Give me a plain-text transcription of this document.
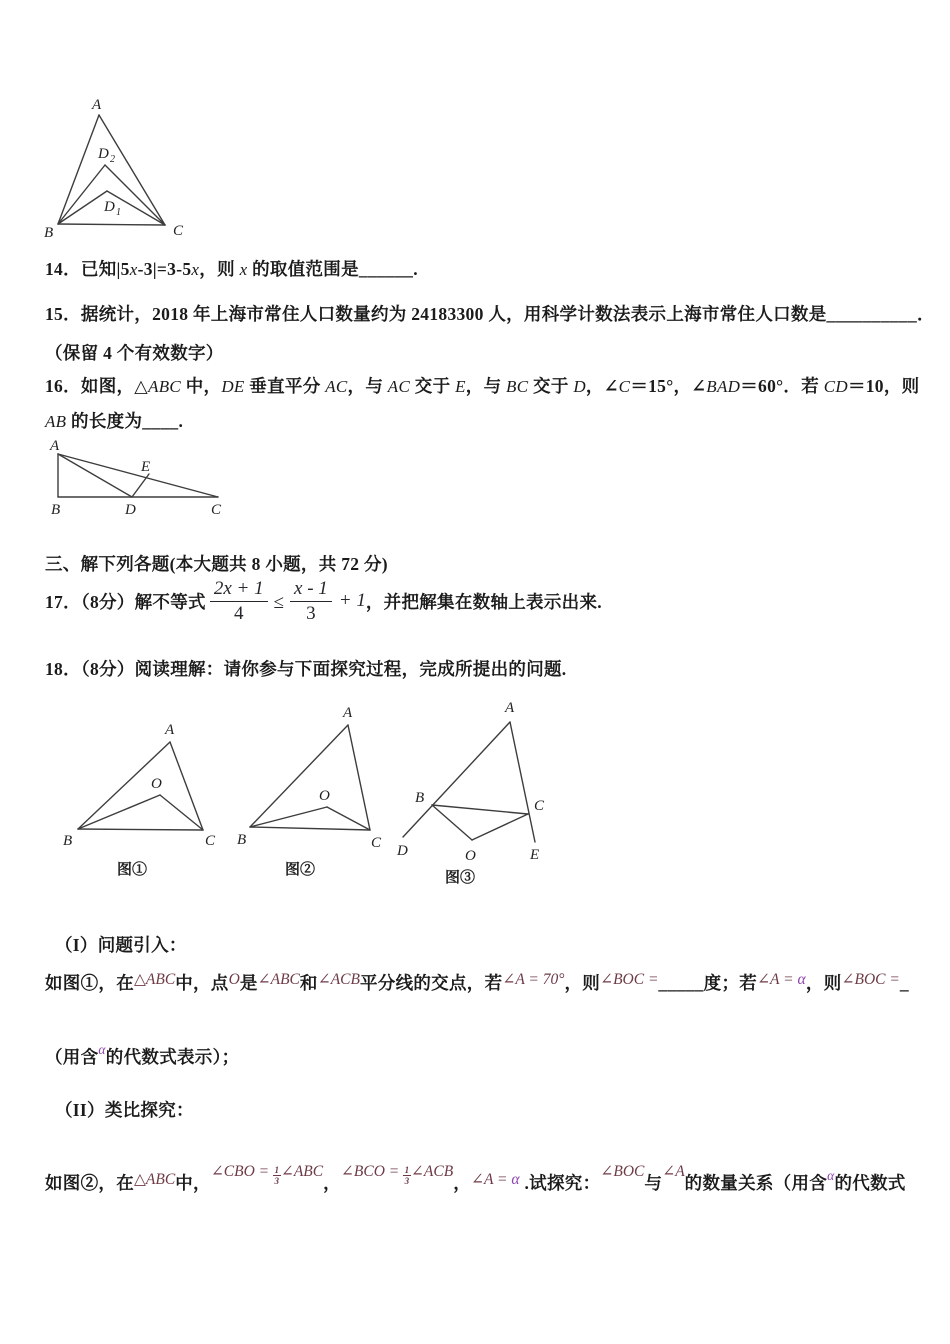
A
D 2
D 1
B	C
14．已知|5x-3|=3-5x，则 x 的取值范围是______.
15．据统计，2018 年上海市常住人口数量约为 24183300 人，用科学计数法表示上海市常住人口数是__________．
（保留 4 个有效数字）
16．如图，△ABC 中，DE 垂直平分 AC，与 AC 交于 E，与 BC 交于 D，∠C＝15°，∠BAD＝60°．若 CD＝10，则
AB 的长度为____.
A
E
B	D	C
三、解下列各题(本大题共 8 小题，共 72 分)
17．（8分）解不等式 $\frac{2x + 1}{4} \le \frac{x - 1}{3} + 1$ ，并把解集在数轴上表示出来.
18．（8分）阅读理解：请你参与下面探究过程，完成所提出的问题.
A
O
B	C
图①
A
O
B	C
图②
A
B	C
D	O	E
图③
（I）问题引入：
如图①，在△ABC中，点O是∠ABC和∠ACB平分线的交点，若∠A = 70°，则∠BOC =_____度；若∠A = α，则∠BOC =_
（用含$^\alpha$的代数式表示）；
（II）类比探究：
如图②，在△ABC中，∠CBO = $\frac{1}{3}$ ∠ABC，∠BCO = $\frac{1}{3}$ ∠ACB，∠A = α .试探究：∠BOC与∠A的数量关系（用含$^\alpha$的代数式
